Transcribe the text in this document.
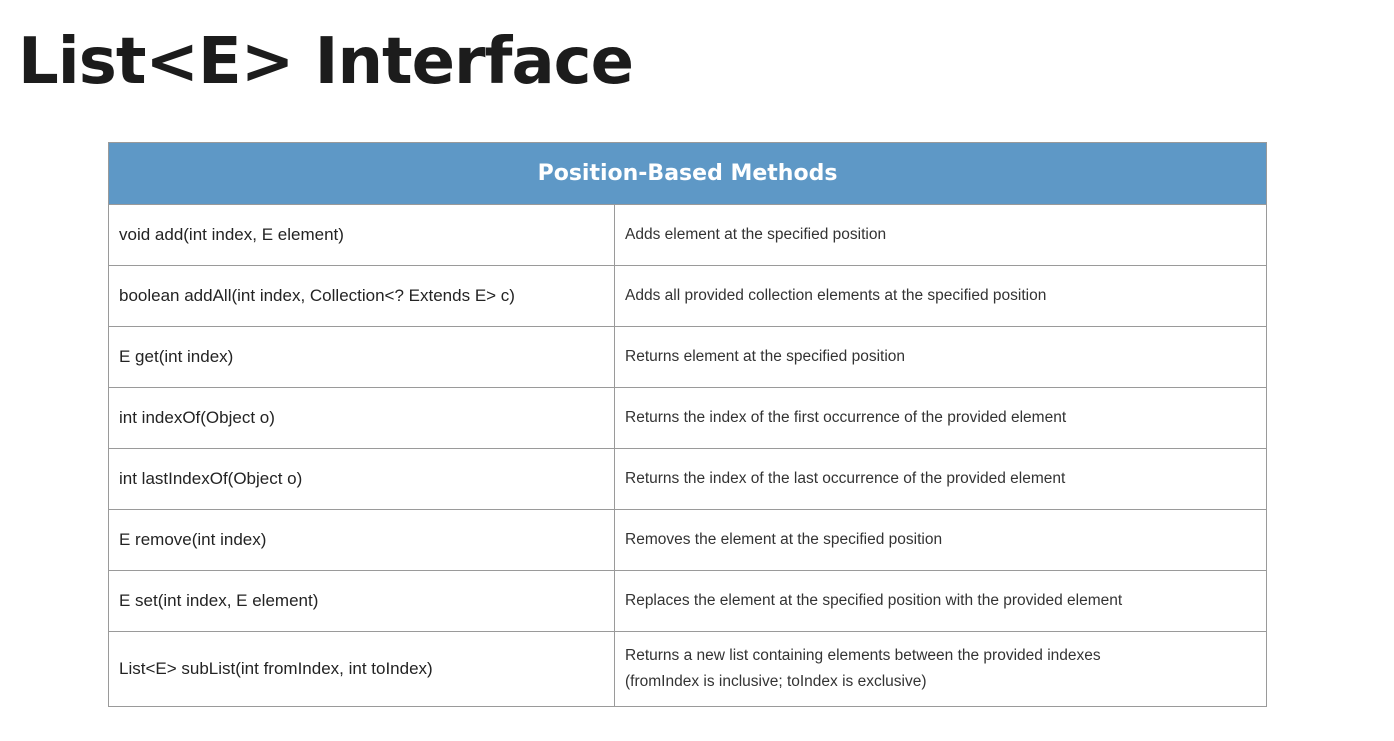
List<E> Interface
Position-Based Methods	
void add(int index, E element)	Adds element at the specified position
boolean addAll(int index, Collection<? Extends E> c)	Adds all provided collection elements at the specified position
E get(int index)	Returns element at the specified position
int indexOf(Object o)	Returns the index of the first occurrence of the provided element
int lastIndexOf(Object o)	Returns the index of the last occurrence of the provided element
E remove(int index)	Removes the element at the specified position
E set(int index, E element)	Replaces the element at the specified position with the provided element
List<E> subList(int fromIndex, int toIndex)	Returns a new list containing elements between the provided indexes
(fromIndex is inclusive; toIndex is exclusive)
